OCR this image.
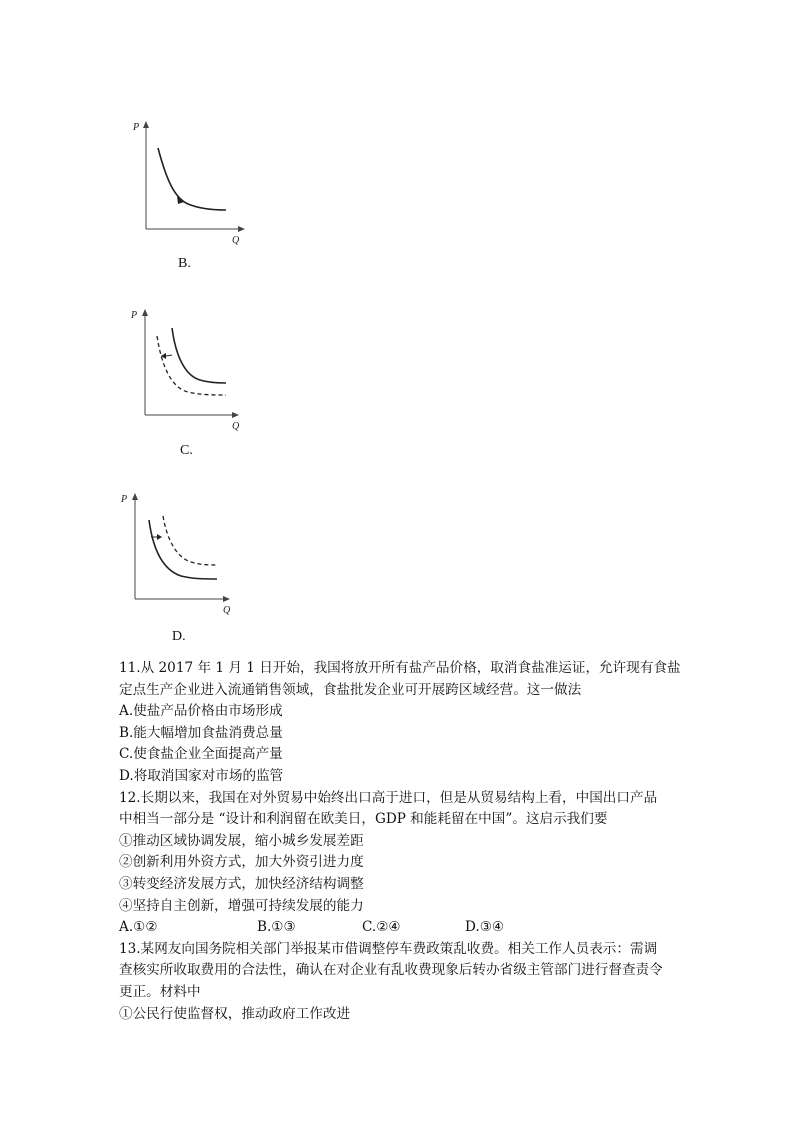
P
Q
B.
P
Q
C.
P
Q
D.
11.从 2017 年 1 月 1 日开始，我国将放开所有盐产品价格，取消食盐准运证，允许现有食盐
定点生产企业进入流通销售领域，食盐批发企业可开展跨区域经营。这一做法
A.使盐产品价格由市场形成
B.能大幅增加食盐消费总量
C.使食盐企业全面提高产量
D.将取消国家对市场的监管
12.长期以来，我国在对外贸易中始终出口高于进口，但是从贸易结构上看，中国出口产品
中相当一部分是 “设计和利润留在欧美日，GDP 和能耗留在中国”。这启示我们要
①推动区域协调发展，缩小城乡发展差距
②创新利用外资方式，加大外资引进力度
③转变经济发展方式，加快经济结构调整
④坚持自主创新，增强可持续发展的能力
A.①②	B.①③	C.②④	D.③④
13.某网友向国务院相关部门举报某市借调整停车费政策乱收费。相关工作人员表示：需调
查核实所收取费用的合法性，确认在对企业有乱收费现象后转办省级主管部门进行督查责令
更正。材料中
①公民行使监督权，推动政府工作改进
